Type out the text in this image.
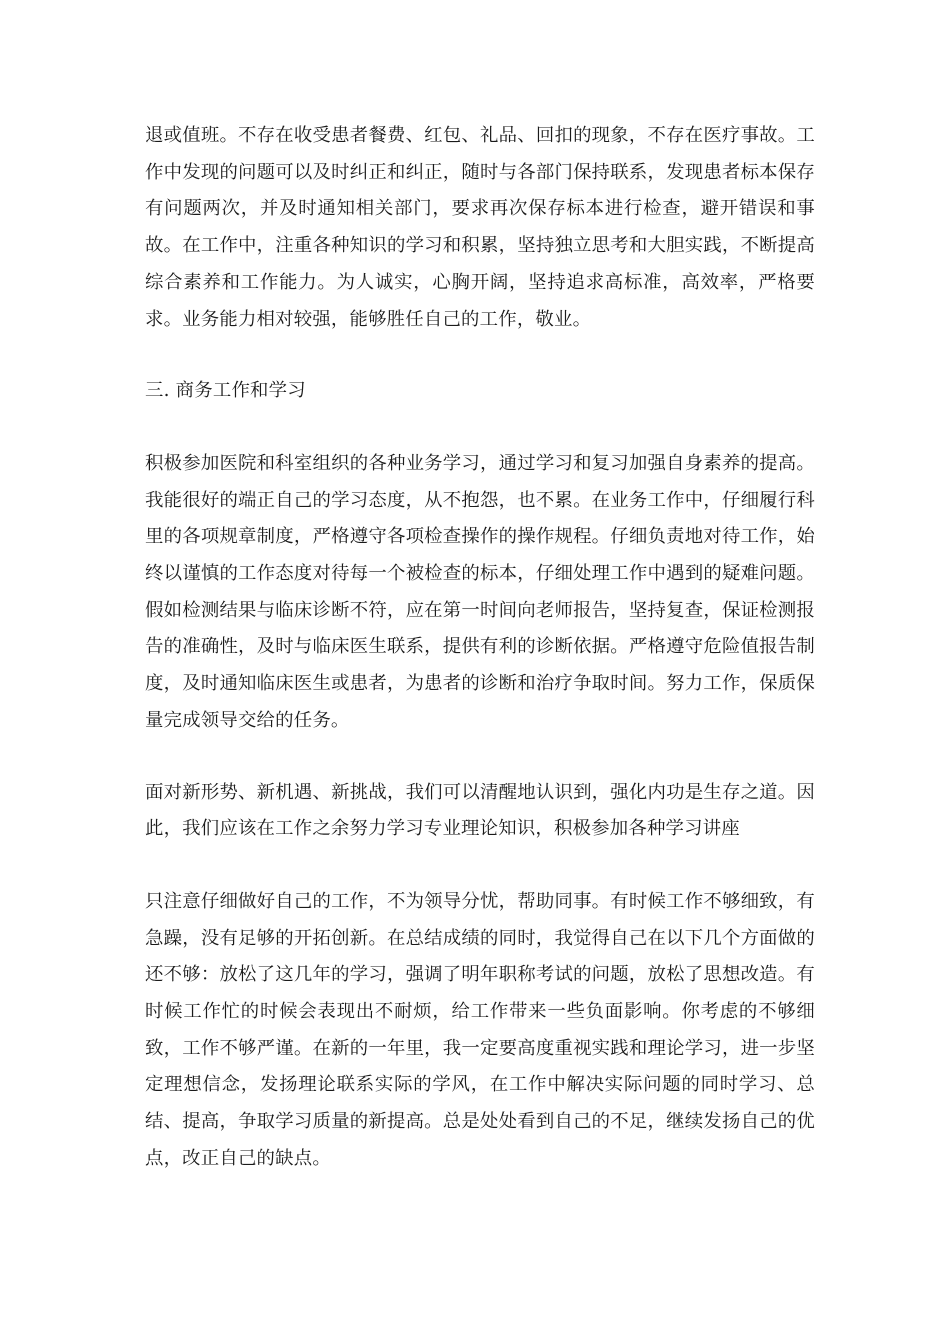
退或值班。不存在收受患者餐费、红包、礼品、回扣的现象，不存在医疗事故。工作中发现的问题可以及时纠正和纠正，随时与各部门保持联系，发现患者标本保存有问题两次，并及时通知相关部门，要求再次保存标本进行检查，避开错误和事故。在工作中，注重各种知识的学习和积累，坚持独立思考和大胆实践，不断提高综合素养和工作能力。为人诚实，心胸开阔，坚持追求高标准，高效率，严格要求。业务能力相对较强，能够胜任自己的工作，敬业。

三. 商务工作和学习

积极参加医院和科室组织的各种业务学习，通过学习和复习加强自身素养的提高。我能很好的端正自己的学习态度，从不抱怨，也不累。在业务工作中，仔细履行科里的各项规章制度，严格遵守各项检查操作的操作规程。仔细负责地对待工作，始终以谨慎的工作态度对待每一个被检查的标本，仔细处理工作中遇到的疑难问题。假如检测结果与临床诊断不符，应在第一时间向老师报告，坚持复查，保证检测报告的准确性，及时与临床医生联系，提供有利的诊断依据。严格遵守危险值报告制度，及时通知临床医生或患者，为患者的诊断和治疗争取时间。努力工作，保质保量完成领导交给的任务。

面对新形势、新机遇、新挑战，我们可以清醒地认识到，强化内功是生存之道。因此，我们应该在工作之余努力学习专业理论知识，积极参加各种学习讲座

只注意仔细做好自己的工作，不为领导分忧，帮助同事。有时候工作不够细致，有急躁，没有足够的开拓创新。在总结成绩的同时，我觉得自己在以下几个方面做的还不够：放松了这几年的学习，强调了明年职称考试的问题，放松了思想改造。有时候工作忙的时候会表现出不耐烦，给工作带来一些负面影响。你考虑的不够细致，工作不够严谨。在新的一年里，我一定要高度重视实践和理论学习，进一步坚定理想信念，发扬理论联系实际的学风，在工作中解决实际问题的同时学习、总结、提高，争取学习质量的新提高。总是处处看到自己的不足，继续发扬自己的优点，改正自己的缺点。
